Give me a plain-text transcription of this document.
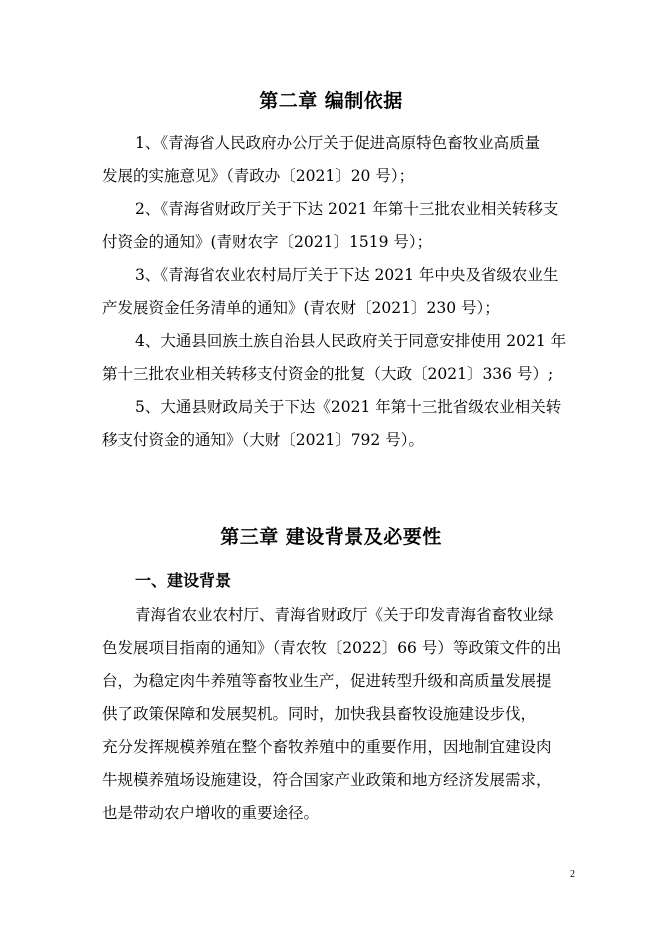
第二章 编制依据
1、《青海省人民政府办公厅关于促进高原特色畜牧业高质量
发展的实施意见》（青政办〔2021〕20 号）；
2、《青海省财政厅关于下达 2021 年第十三批农业相关转移支
付资金的通知》(青财农字〔2021〕1519 号）；
3、《青海省农业农村局厅关于下达 2021 年中央及省级农业生
产发展资金任务清单的通知》(青农财〔2021〕230 号）；
4、大通县回族土族自治县人民政府关于同意安排使用 2021 年
第十三批农业相关转移支付资金的批复（大政〔2021〕336 号）;
5、大通县财政局关于下达《2021 年第十三批省级农业相关转
移支付资金的通知》（大财〔2021〕792 号）。
第三章 建设背景及必要性
一、建设背景
青海省农业农村厅、青海省财政厅《关于印发青海省畜牧业绿
色发展项目指南的通知》（青农牧〔2022〕66 号）等政策文件的出
台，为稳定肉牛养殖等畜牧业生产，促进转型升级和高质量发展提
供了政策保障和发展契机。同时，加快我县畜牧设施建设步伐，
充分发挥规模养殖在整个畜牧养殖中的重要作用，因地制宜建设肉
牛规模养殖场设施建设，符合国家产业政策和地方经济发展需求，
也是带动农户增收的重要途径。
2
